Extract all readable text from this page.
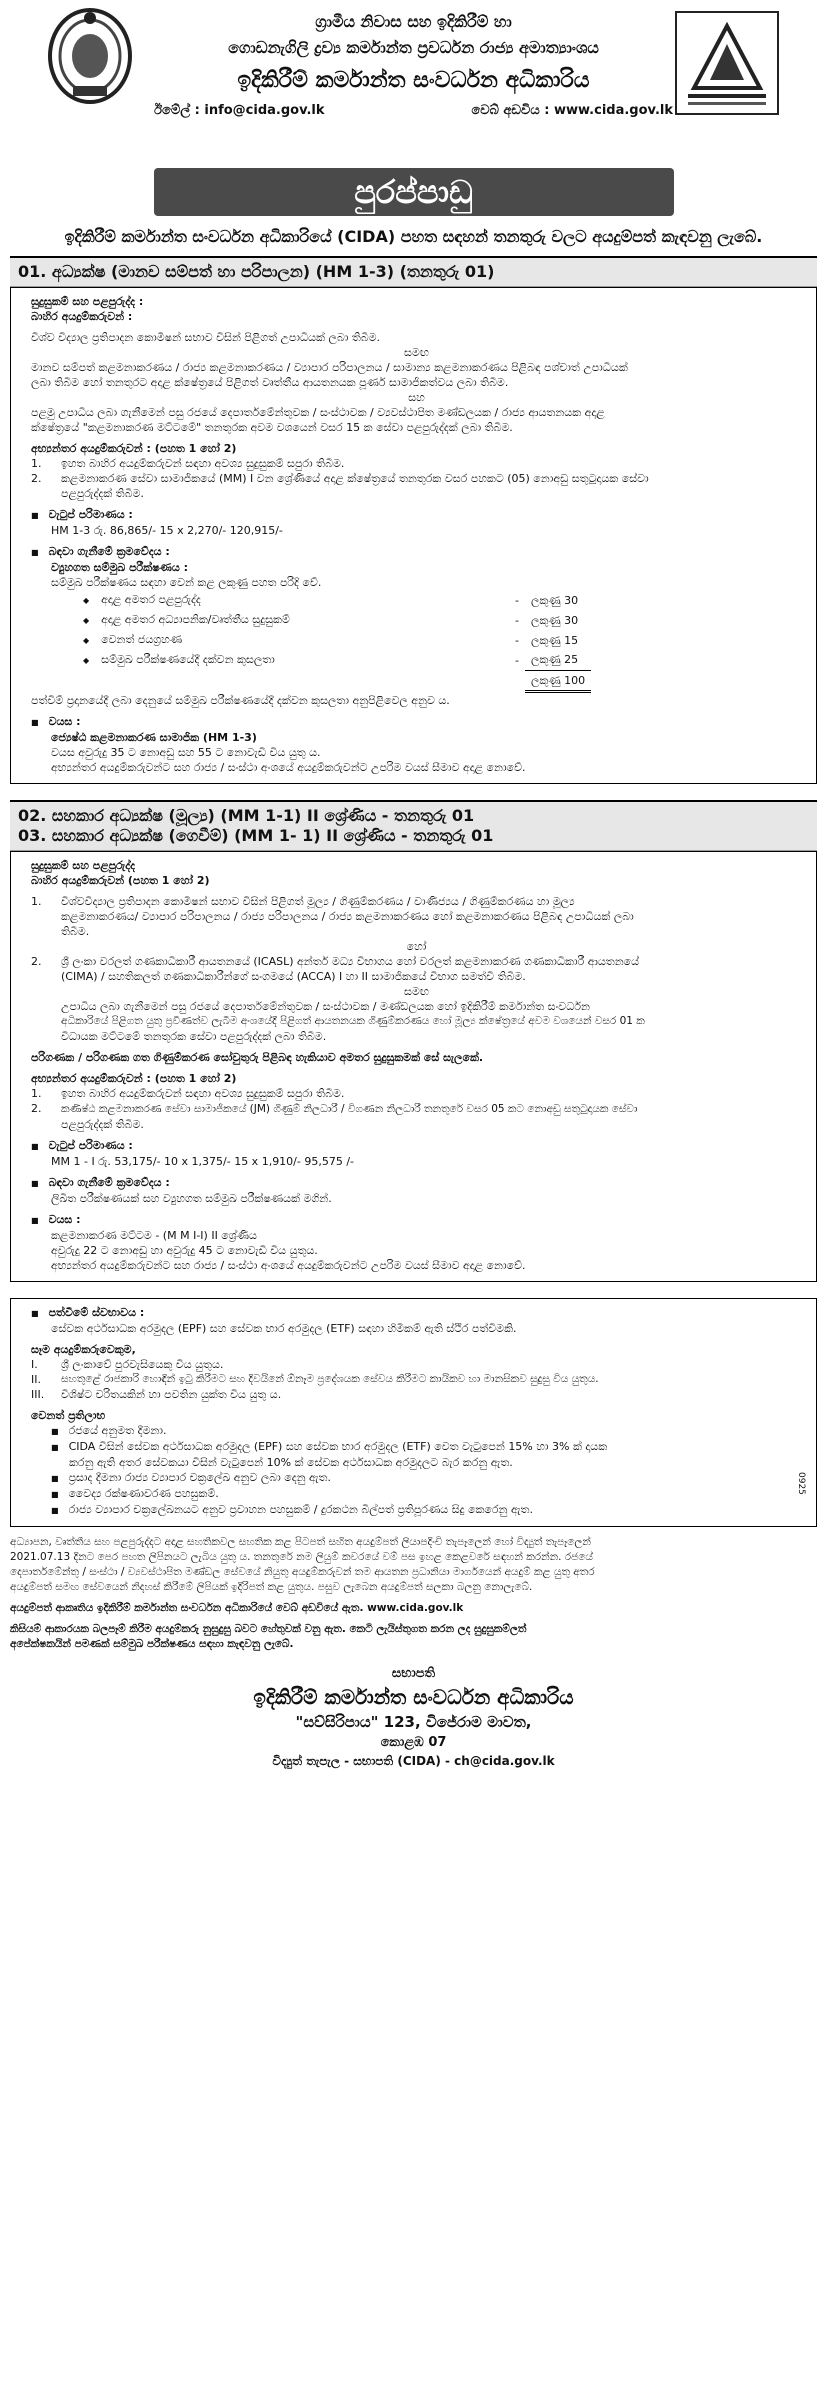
ග්‍රාමීය නිවාස සහ ඉදිකිරීම් හා
ගොඩනැගිලි ද්‍රව්‍ය කර්මාන්ත ප්‍රවර්ධන රාජ්‍ය අමාත්‍යාංශය
ඉදිකිරීම් කර්මාන්ත සංවර්ධන අධිකාරිය
ඊමේල් : info@cida.gov.lk	වෙබ් අඩවිය : www.cida.gov.lk
පුරප්පාඩු
ඉදිකිරීම් කර්මාන්ත සංවර්ධන අධිකාරියේ (CIDA) පහත සඳහන් තනතුරු වලට අයදුම්පත් කැඳවනු ලැබේ.
01. අධ්‍යක්ෂ (මානව සම්පත් හා පරිපාලන) (HM 1-3) (තනතුරු 01)
සුදුසුකම් සහ පළපුරුද්ද :
බාහිර අයදුම්කරුවන් :
විශ්ව විද්‍යාල ප්‍රතිපාදන කොමිෂන් සභාව විසින් පිළිගත් උපාධියක් ලබා තිබීම.
සමඟ
මානව සම්පත් කළමනාකරණය / රාජ්‍ය කළමනාකරණය / ව්‍යාපාර පරිපාලනය / සාමාන්‍ය කළමනාකරණය පිළිබඳ පශ්චාත් උපාධියක්
ලබා තිබීම හෝ තනතුරට අදාළ ක්ෂේත්‍රයේ පිළිගත් වෘත්තීය ආයතනයක පූර්ණ සාමාජිකත්වය ලබා තිබීම.
සහ
පළමු උපාධිය ලබා ගැනීමෙන් පසු රජයේ දෙපාර්තමේන්තුවක / සංස්ථාවක / ව්‍යවස්ථාපිත මණ්ඩලයක / රාජ්‍ය ආයතනයක අදාළ
ක්ෂේත්‍රයේ "කළමනාකරණ මට්ටමේ" තනතුරක අවම වශයෙන් වසර 15 ක සේවා පළපුරුද්දක් ලබා තිබීම.
අභ්‍යන්තර අයදුම්කරුවන් : (පහත 1 හෝ 2)
1.	ඉහත බාහිර අයදුම්කරුවන් සඳහා අවශ්‍ය සුදුසුකම් සපුරා තිබීම.
2.	කළමනාකරණ සේවා සාමාජිකයේ (MM) I වන ශ්‍රේණියේ අදාළ ක්ෂේත්‍රයේ තනතුරක වසර පහකට (05) නොඅඩු සතුටුදායක සේවා
පළපුරුද්දක් තිබීම.
■ වැටුප් පරිමාණය :
HM 1-3 රු. 86,865/- 15 x 2,270/- 120,915/-
■ බඳවා ගැනීමේ ක්‍රමවේදය :
ව්‍යුහගත සම්මුඛ පරීක්ෂණය :
සම්මුඛ පරීක්ෂණය සඳහා වෙන් කළ ලකුණු පහත පරිදි වේ.
◆ අදාළ අමතර පළපුරුද්ද	-	ලකුණු 30
◆ අදාළ අමතර අධ්‍යාපනික/වෘත්තීය සුදුසුකම්	-	ලකුණු 30
◆ වෙනත් ජයග්‍රහණ	-	ලකුණු 15
◆ සම්මුඛ පරීක්ෂණයේදී දක්වන කුසලතා	-	ලකුණු 25
		ලකුණු 100
පත්වීම් ප්‍රදානයේදී ලබා දෙනුයේ සම්මුඛ පරීක්ෂණයේදී දක්වන කුසලතා අනුපිළිවෙල අනුව ය.
■ වයස :
ජ්‍යෙෂ්ඨ කළමනාකරණ සාමාජික (HM 1-3)
වයස අවුරුදු 35 ට නොඅඩු සහ 55 ට නොවැඩි විය යුතු ය.
අභ්‍යන්තර අයදුම්කරුවන්ට සහ රාජ්‍ය / සංස්ථා අංශයේ අයදුම්කරුවන්ට උපරිම වයස් සීමාව අදාළ නොවේ.
02. සහකාර අධ්‍යක්ෂ (මූල්‍ය) (MM 1-1) II ශ්‍රේණිය - තනතුරු 01
03. සහකාර අධ්‍යක්ෂ (ගෙවීම්) (MM 1- 1) II ශ්‍රේණිය - තනතුරු 01
0925
සුදුසුකම් සහ පළපුරුද්ද
බාහිර අයදුම්කරුවන් (පහත 1 හෝ 2)
1.	විශ්වවිද්‍යාල ප්‍රතිපාදන කොමිෂන් සභාව විසින් පිළිගත් මූල්‍ය / ගිණුම්කරණය / වාණිජ්‍යය / ගිණුම්කරණය හා මූල්‍ය
කළමනාකරණය/ ව්‍යාපාර පරිපාලනය / රාජ්‍ය පරිපාලනය / රාජ්‍ය කළමනාකරණය හෝ කළමනාකරණය පිළිබඳ උපාධියක් ලබා
තිබීම.
හෝ
2.	ශ්‍රී ලංකා වරලත් ගණකාධිකාරී ආයතනයේ (ICASL) අන්තර් මධ්‍ය විභාගය හෝ වරලත් කළමනාකරණ ගණකාධිකාරී ආයතනයේ
(CIMA) / සහතිකලත් ගණකාධිකාරීන්ගේ සංගමයේ (ACCA) I හා II සාමාජිකයේ විභාග සමත්වී තිබීම.
සමඟ
උපාධිය ලබා ගැනීමෙන් පසු රජයේ දෙපාර්තමේන්තුවක / සංස්ථාවක / මණ්ඩලයක හෝ ඉදිකිරීම් කර්මාන්ත සංවර්ධන
අධිකාරියේ පිළිගත යුතු ප්‍රවීණත්ව ලැබීම අංශයේදී පිළිගත් ආයතනයක ගිණුම්කරණය හෝ මූල්‍ය ක්ෂේත්‍රයේ අවම වශයෙන් වසර 01 ක
විධායක මට්ටමේ තනතුරක සේවා පළපුරුද්දක් ලබා තිබීම.
පරිගණක / පරිගණක ගත ගිණුම්කරණ සෝවුතුරු පිළිබඳ හැකියාව අමතර සුදුසුකමක් සේ සැලකේ.
අභ්‍යන්තර අයදුම්කරුවන් : (පහත 1 හෝ 2)
1.	ඉහත බාහිර අයදුම්කරුවන් සඳහා අවශ්‍ය සුදුසුකම් සපුරා තිබීම.
2.	කණිෂ්ඨ කළමනාකරණ සේවා සාමාජිකයේ (JM) ගිණුම් නිලධාරී / විගණන නිලධාරී තනතුරේ වසර 05 කට නොඅඩු සතුටුදායක සේවා
පළපුරුද්දක් තිබීම.
■ වැටුප් පරිමාණය :
MM 1 - I රු. 53,175/- 10 x 1,375/- 15 x 1,910/- 95,575 /-
■ බඳවා ගැනීමේ ක්‍රමවේදය :
ලිඛිත පරීක්ෂණයක් සහ ව්‍යුහගත සම්මුඛ පරීක්ෂණයක් මගින්.
■ වයස :
කළමනාකරණ මට්ටම - (M M I-I) II ශ්‍රේණිය
අවුරුදු 22 ට නොඅඩු හා අවුරුදු 45 ට නොවැඩි විය යුතුය.
අභ්‍යන්තර අයදුම්කරුවන්ට සහ රාජ්‍ය / සංස්ථා අංශයේ අයදුම්කරුවන්ට උපරිම වයස් සීමාව අදාළ නොවේ.
■ පත්වීමේ ස්වභාවය :
සේවක අර්ථසාධක අරමුදල (EPF) සහ සේවක භාර අරමුදල (ETF) සඳහා හිමිකම් ඇති ස්ථිර පත්වීමකි.
සෑම අයදුම්කරුවෙකුම,
I.	ශ්‍රී ලංකාවේ පුරවැසියෙකු විය යුතුය.
II.	සහතුළේ රාජකාරි හොඳින් ඉටු කිරීමට සහ දිවයිනේ ඕනෑම ප්‍රදේශයක සේවය කිරීමට කායිකව හා මානසිකව සුදුසු විය යුතුය.
III.	විශිෂ්ට චරිතයකින් හා පවතින යුක්ත විය යුතු ය.
වෙනත් ප්‍රතිලාභ
■ රජයේ අනුමත දීමනා.
■ CIDA විසින් සේවක අර්ථසාධක අරමුදල (EPF) සහ සේවක භාර අරමුදල (ETF) වෙත වැටුපෙන් 15% හා 3% ක් දායක
කරනු ඇති අතර සේවකයා විසින් වැටුපෙන් 10% ක් සේවක අර්ථසාධක අරමුදලට බැර කරනු ඇත.
■ ප්‍රසාද දීමනා රාජ්‍ය ව්‍යාපාර චක්‍රලේඛ අනුව ලබා දෙනු ඇත.
■ වෛද්‍ය රක්ෂණාවරණ පහසුකම්.
■ රාජ්‍ය ව්‍යාපාර චක්‍රලේඛනයට අනුව ප්‍රවාහන පහසුකම් / දුරකථන බිල්පත් ප්‍රතිපූරණය සිදු කෙරෙනු ඇත.
අධ්‍යාපන, වෘත්තීය සහ පළපුරුද්දට අදාළ සහතිකවල සහතික කළ පිටපත් සහිත අයදුම්පත් ලියාපදිංචි තැපෑලෙන් හෝ විද්‍යුත් තැපෑලෙන්
2021.07.13 දිනට පෙර පහත ලිපිනයට ලැබිය යුතු ය. තනතුරේ නම ලියුම් කවරයේ වම් පස ඉහළ කෙළවරේ සඳහන් කරන්න. රජයේ
දෙපාර්තමේන්තු / සංස්ථා / ව්‍යවස්ථාපිත මණ්ඩල සේවයේ නියුතු අයදුම්කරුවන් තම ආයතන ප්‍රධානියා මාර්ගයෙන් අයදුම් කළ යුතු අතර
අයදුම්පත් සමඟ සේවයෙන් නිදහස් කිරීමේ ලිපියක් ඉදිරිපත් කළ යුතුය. පසුව ලැබෙන අයදුම්පත් සලකා බලනු නොලැබේ.
අයදුම්පත් ආකෘතිය ඉදිකිරීම් කර්මාන්ත සංවර්ධන අධිකාරියේ වෙබ් අඩවියේ ඇත. www.cida.gov.lk
කිසියම් ආකාරයක බලපෑම් කිරීම අයදුම්කරු නුසුදුසු බවට හේතුවක් වනු ඇත. කෙටි ලැයිස්තුගත කරන ලද සුදුසුකම්ලත්
අපේක්ෂකයින් පමණක් සම්මුඛ පරීක්ෂණය සඳහා කැඳවනු ලැබේ.
සභාපති
ඉදිකිරීම් කර්මාන්ත සංවර්ධන අධිකාරිය
"සව්සිරිපාය" 123, විජේරාම මාවත,
කොළඹ 07
විද්‍යුත් තැපැල - සභාපති (CIDA) - ch@cida.gov.lk
